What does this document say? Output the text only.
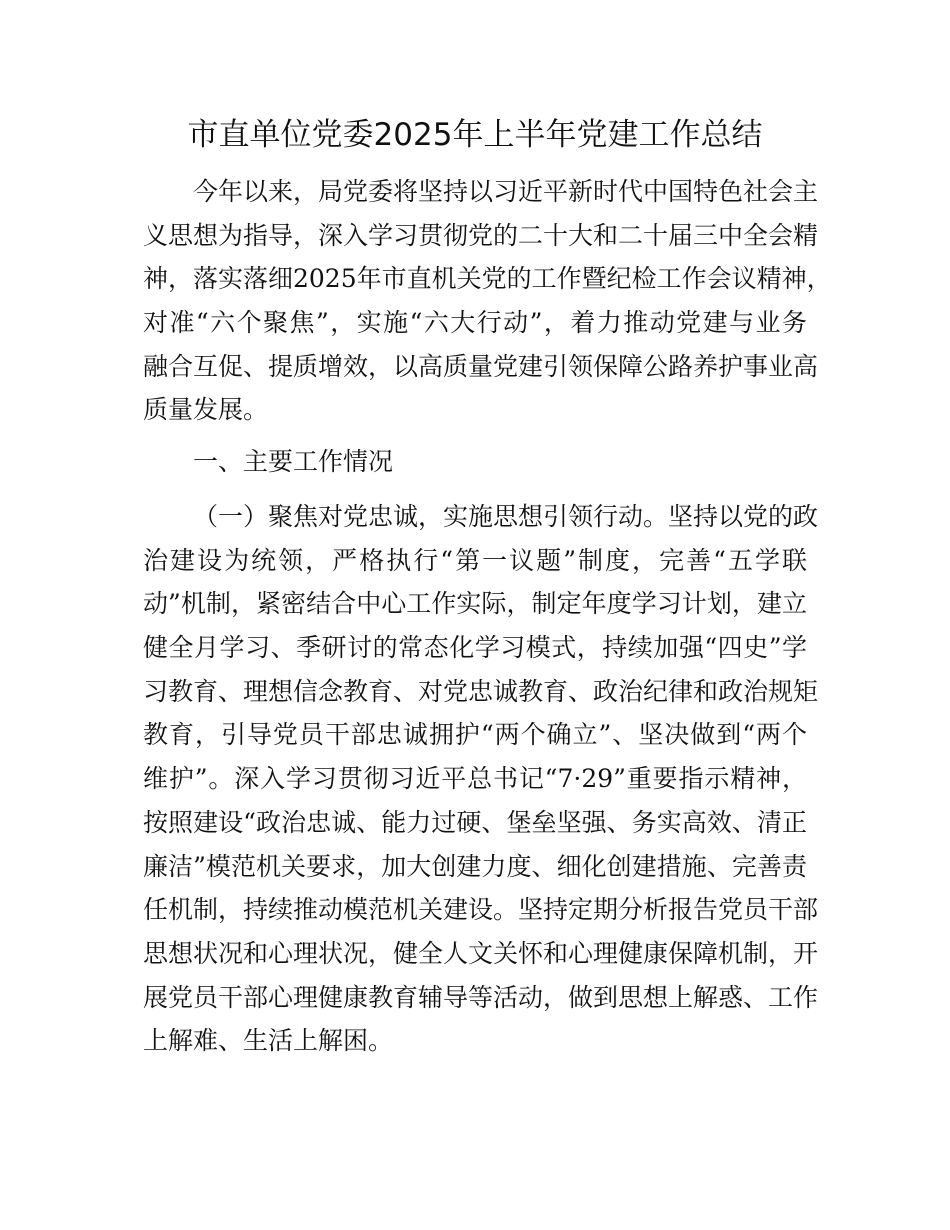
市直单位党委2025年上半年党建工作总结
今年以来，局党委将坚持以习近平新时代中国特色社会主
义思想为指导，深入学习贯彻党的二十大和二十届三中全会精
神，落实落细2025年市直机关党的工作暨纪检工作会议精神，
对准“六个聚焦”，实施“六大行动”，着力推动党建与业务
融合互促、提质增效，以高质量党建引领保障公路养护事业高
质量发展。
一、主要工作情况
（一）聚焦对党忠诚，实施思想引领行动。坚持以党的政
治建设为统领，严格执行“第一议题”制度，完善“五学联
动”机制，紧密结合中心工作实际，制定年度学习计划，建立
健全月学习、季研讨的常态化学习模式，持续加强“四史”学
习教育、理想信念教育、对党忠诚教育、政治纪律和政治规矩
教育，引导党员干部忠诚拥护“两个确立”、坚决做到“两个
维护”。深入学习贯彻习近平总书记“7·29”重要指示精神，
按照建设“政治忠诚、能力过硬、堡垒坚强、务实高效、清正
廉洁”模范机关要求，加大创建力度、细化创建措施、完善责
任机制，持续推动模范机关建设。坚持定期分析报告党员干部
思想状况和心理状况，健全人文关怀和心理健康保障机制，开
展党员干部心理健康教育辅导等活动，做到思想上解惑、工作
上解难、生活上解困。
